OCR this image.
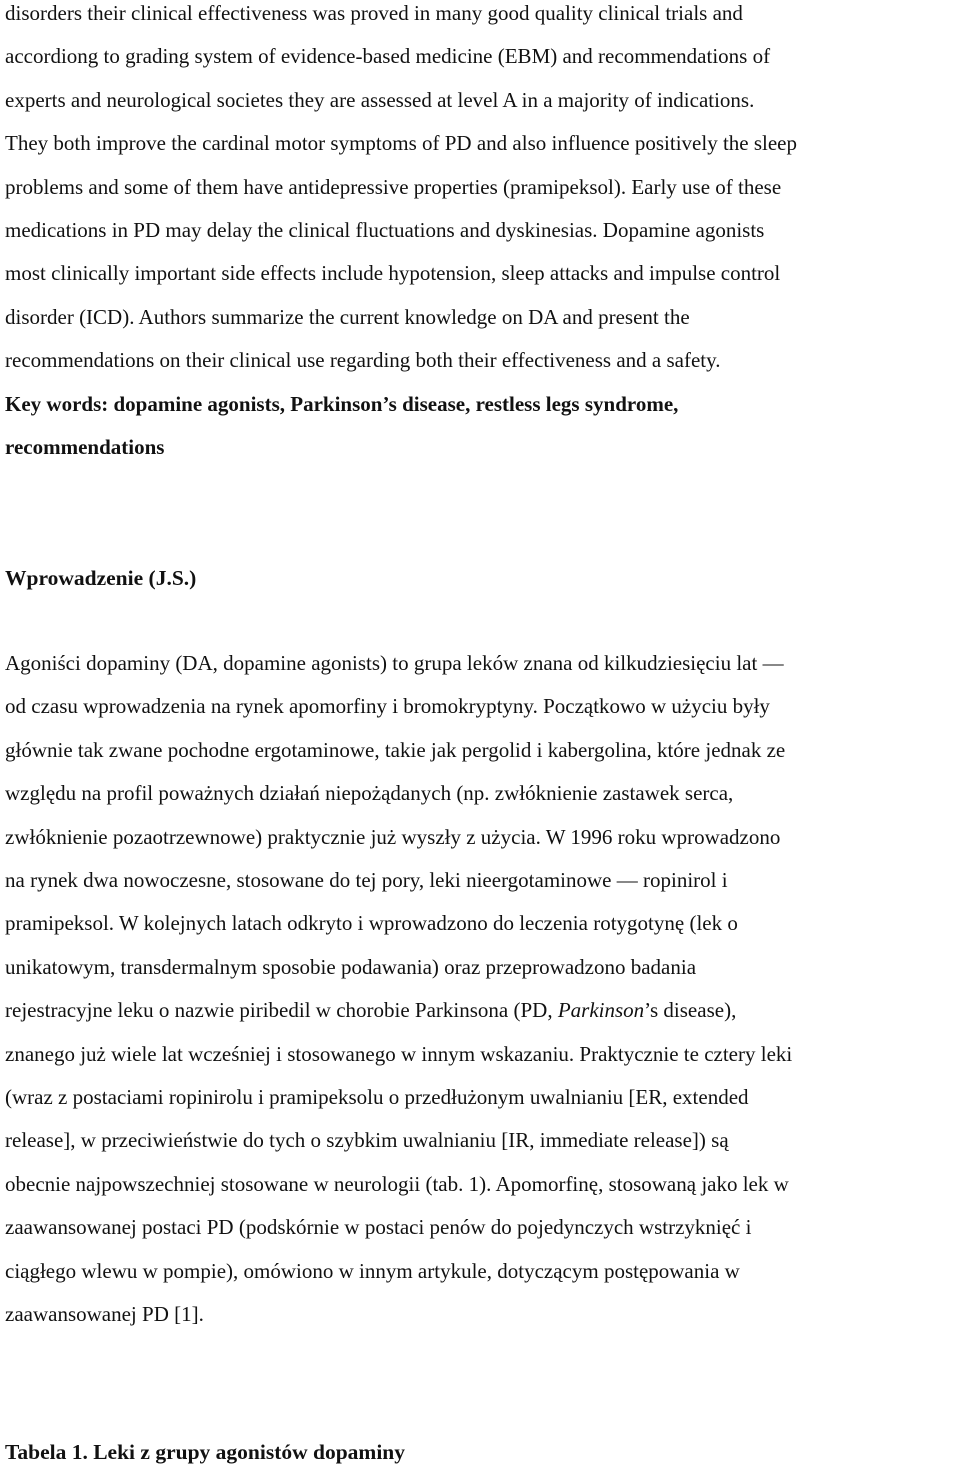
disorders their clinical effectiveness was proved in many good quality clinical trials and
accordiong to grading system of evidence-based medicine (EBM) and recommendations of
experts and neurological societes they are assessed at level A in a majority of indications.
They both improve the cardinal motor symptoms of PD and also influence positively the sleep
problems and some of them have antidepressive properties (pramipeksol). Early use of these
medications in PD may delay the clinical fluctuations and dyskinesias. Dopamine agonists
most clinically important side effects include hypotension, sleep attacks and impulse control
disorder (ICD). Authors summarize the current knowledge on DA and present the
recommendations on their clinical use regarding both their effectiveness and a safety.

Key words: dopamine agonists, Parkinson’s disease, restless legs syndrome,
recommendations

Wprowadzenie (J.S.)

Agoniści dopaminy (DA, dopamine agonists) to grupa leków znana od kilkudziesięciu lat —
od czasu wprowadzenia na rynek apomorfiny i bromokryptyny. Początkowo w użyciu były
głównie tak zwane pochodne ergotaminowe, takie jak pergolid i kabergolina, które jednak ze
względu na profil poważnych działań niepożądanych (np. zwłóknienie zastawek serca,
zwłóknienie pozaotrzewnowe) praktycznie już wyszły z użycia. W 1996 roku wprowadzono
na rynek dwa nowoczesne, stosowane do tej pory, leki nieergotaminowe — ropinirol i
pramipeksol. W kolejnych latach odkryto i wprowadzono do leczenia rotygotynę (lek o
unikatowym, transdermalnym sposobie podawania) oraz przeprowadzono badania
rejestracyjne leku o nazwie piribedil w chorobie Parkinsona (PD, Parkinson’s disease),
znanego już wiele lat wcześniej i stosowanego w innym wskazaniu. Praktycznie te cztery leki
(wraz z postaciami ropinirolu i pramipeksolu o przedłużonym uwalnianiu [ER, extended
release], w przeciwieństwie do tych o szybkim uwalnianiu [IR, immediate release]) są
obecnie najpowszechniej stosowane w neurologii (tab. 1). Apomorfinę, stosowaną jako lek w
zaawansowanej postaci PD (podskórnie w postaci penów do pojedynczych wstrzyknięć i
ciągłego wlewu w pompie), omówiono w innym artykule, dotyczącym postępowania w
zaawansowanej PD [1].

Tabela 1. Leki z grupy agonistów dopaminy
